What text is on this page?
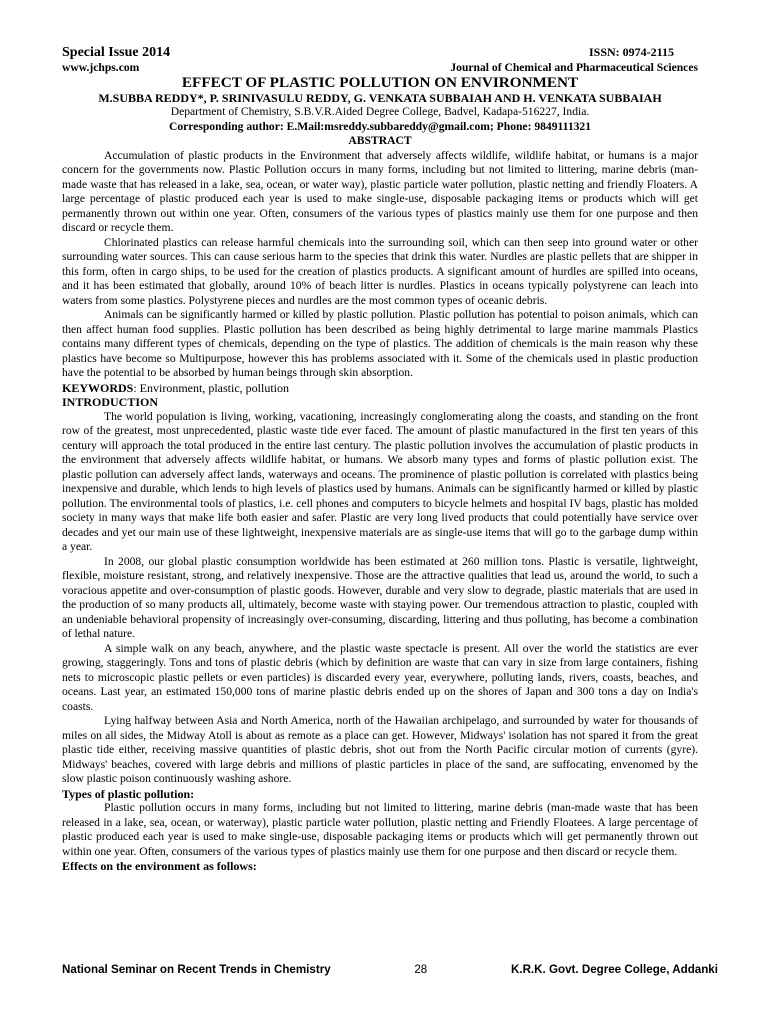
Special Issue 2014	ISSN: 0974-2115
www.jchps.com	Journal of Chemical and Pharmaceutical Sciences
EFFECT OF PLASTIC POLLUTION ON ENVIRONMENT
M.SUBBA REDDY*, P. SRINIVASULU REDDY, G. VENKATA SUBBAIAH AND H. VENKATA SUBBAIAH
Department of Chemistry, S.B.V.R.Aided Degree College, Badvel, Kadapa-516227, India.
Corresponding author: E.Mail:msreddy.subbareddy@gmail.com; Phone: 9849111321
ABSTRACT

Accumulation of plastic products in the Environment that adversely affects wildlife, wildlife habitat, or humans is a major concern for the governments now. Plastic Pollution occurs in many forms, including but not limited to littering, marine debris (man-made waste that has released in a lake, sea, ocean, or water way), plastic particle water pollution, plastic netting and friendly Floaters. A large percentage of plastic produced each year is used to make single-use, disposable packaging items or products which will get permanently thrown out within one year. Often, consumers of the various types of plastics mainly use them for one purpose and then discard or recycle them.

Chlorinated plastics can release harmful chemicals into the surrounding soil, which can then seep into ground water or other surrounding water sources. This can cause serious harm to the species that drink this water. Nurdles are plastic pellets that are shipper in this form, often in cargo ships, to be used for the creation of plastics products. A significant amount of hurdles are spilled into oceans, and it has been estimated that globally, around 10% of beach litter is nurdles. Plastics in oceans typically polystyrene can leach into waters from some plastics. Polystyrene pieces and nurdles are the most common types of oceanic debris.

Animals can be significantly harmed or killed by plastic pollution. Plastic pollution has potential to poison animals, which can then affect human food supplies. Plastic pollution has been described as being highly detrimental to large marine mammals Plastics contains many different types of chemicals, depending on the type of plastics. The addition of chemicals is the main reason why these plastics have become so Multipurpose, however this has problems associated with it. Some of the chemicals used in plastic production have the potential to be absorbed by human beings through skin absorption.

KEYWORDS: Environment, plastic, pollution

INTRODUCTION

The world population is living, working, vacationing, increasingly conglomerating along the coasts, and standing on the front row of the greatest, most unprecedented, plastic waste tide ever faced. The amount of plastic manufactured in the first ten years of this century will approach the total produced in the entire last century. The plastic pollution involves the accumulation of plastic products in the environment that adversely affects wildlife habitat, or humans. We absorb many types and forms of plastic pollution exist. The plastic pollution can adversely affect lands, waterways and oceans. The prominence of plastic pollution is correlated with plastics being inexpensive and durable, which lends to high levels of plastics used by humans. Animals can be significantly harmed or killed by plastic pollution. The environmental tools of plastics, i.e. cell phones and computers to bicycle helmets and hospital IV bags, plastic has molded society in many ways that make life both easier and safer. Plastic are very long lived products that could potentially have service over decades and yet our main use of these lightweight, inexpensive materials are as single-use items that will go to the garbage dump within a year.

In 2008, our global plastic consumption worldwide has been estimated at 260 million tons. Plastic is versatile, lightweight, flexible, moisture resistant, strong, and relatively inexpensive. Those are the attractive qualities that lead us, around the world, to such a voracious appetite and over-consumption of plastic goods. However, durable and very slow to degrade, plastic materials that are used in the production of so many products all, ultimately, become waste with staying power. Our tremendous attraction to plastic, coupled with an undeniable behavioral propensity of increasingly over-consuming, discarding, littering and thus polluting, has become a combination of lethal nature.

A simple walk on any beach, anywhere, and the plastic waste spectacle is present. All over the world the statistics are ever growing, staggeringly. Tons and tons of plastic debris (which by definition are waste that can vary in size from large containers, fishing nets to microscopic plastic pellets or even particles) is discarded every year, everywhere, polluting lands, rivers, coasts, beaches, and oceans. Last year, an estimated 150,000 tons of marine plastic debris ended up on the shores of Japan and 300 tons a day on India's coasts.

Lying halfway between Asia and North America, north of the Hawaiian archipelago, and surrounded by water for thousands of miles on all sides, the Midway Atoll is about as remote as a place can get. However, Midways' isolation has not spared it from the great plastic tide either, receiving massive quantities of plastic debris, shot out from the North Pacific circular motion of currents (gyre). Midways' beaches, covered with large debris and millions of plastic particles in place of the sand, are suffocating, envenomed by the slow plastic poison continuously washing ashore.

Types of plastic pollution:

Plastic pollution occurs in many forms, including but not limited to littering, marine debris (man-made waste that has been released in a lake, sea, ocean, or waterway), plastic particle water pollution, plastic netting and Friendly Floatees. A large percentage of plastic produced each year is used to make single-use, disposable packaging items or products which will get permanently thrown out within one year. Often, consumers of the various types of plastics mainly use them for one purpose and then discard or recycle them.

Effects on the environment as follows:

National Seminar on Recent Trends in Chemistry	28	K.R.K. Govt. Degree College, Addanki
